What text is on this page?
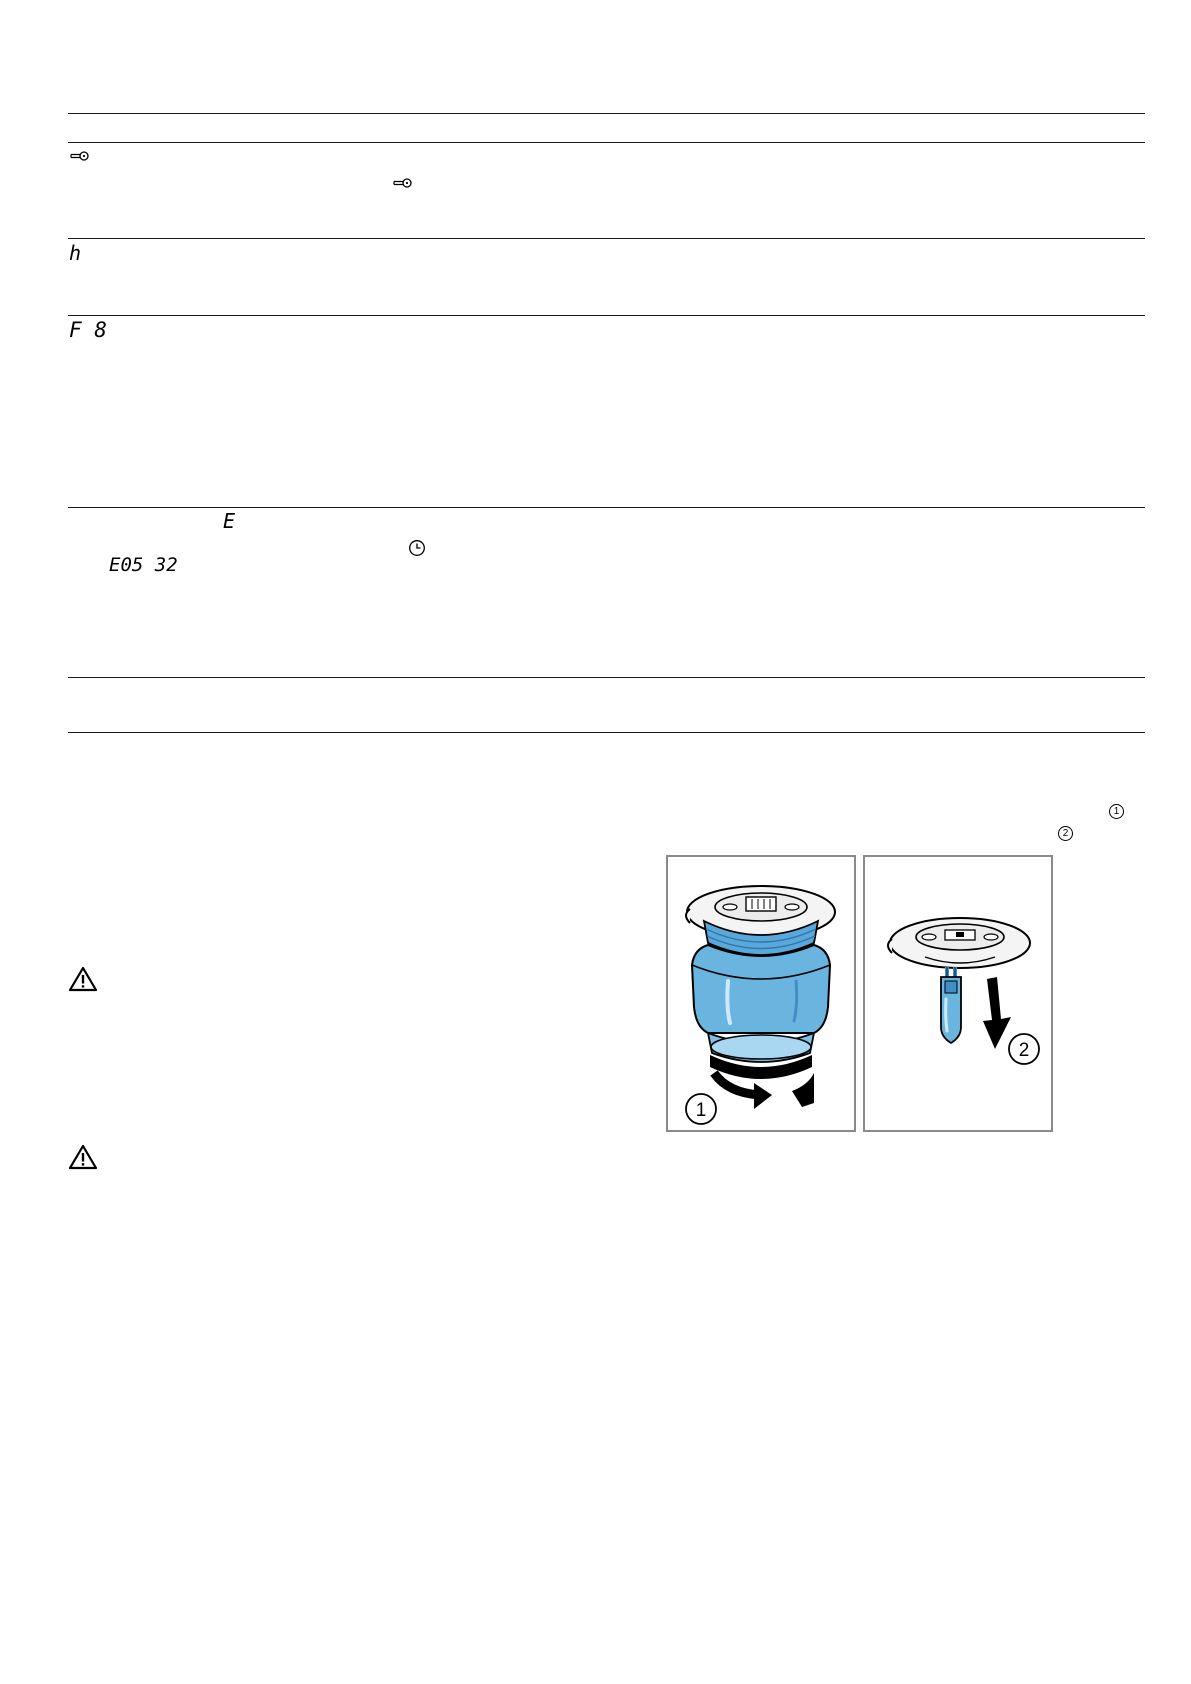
h
F 8
E
E05 32
1
2
1
2
